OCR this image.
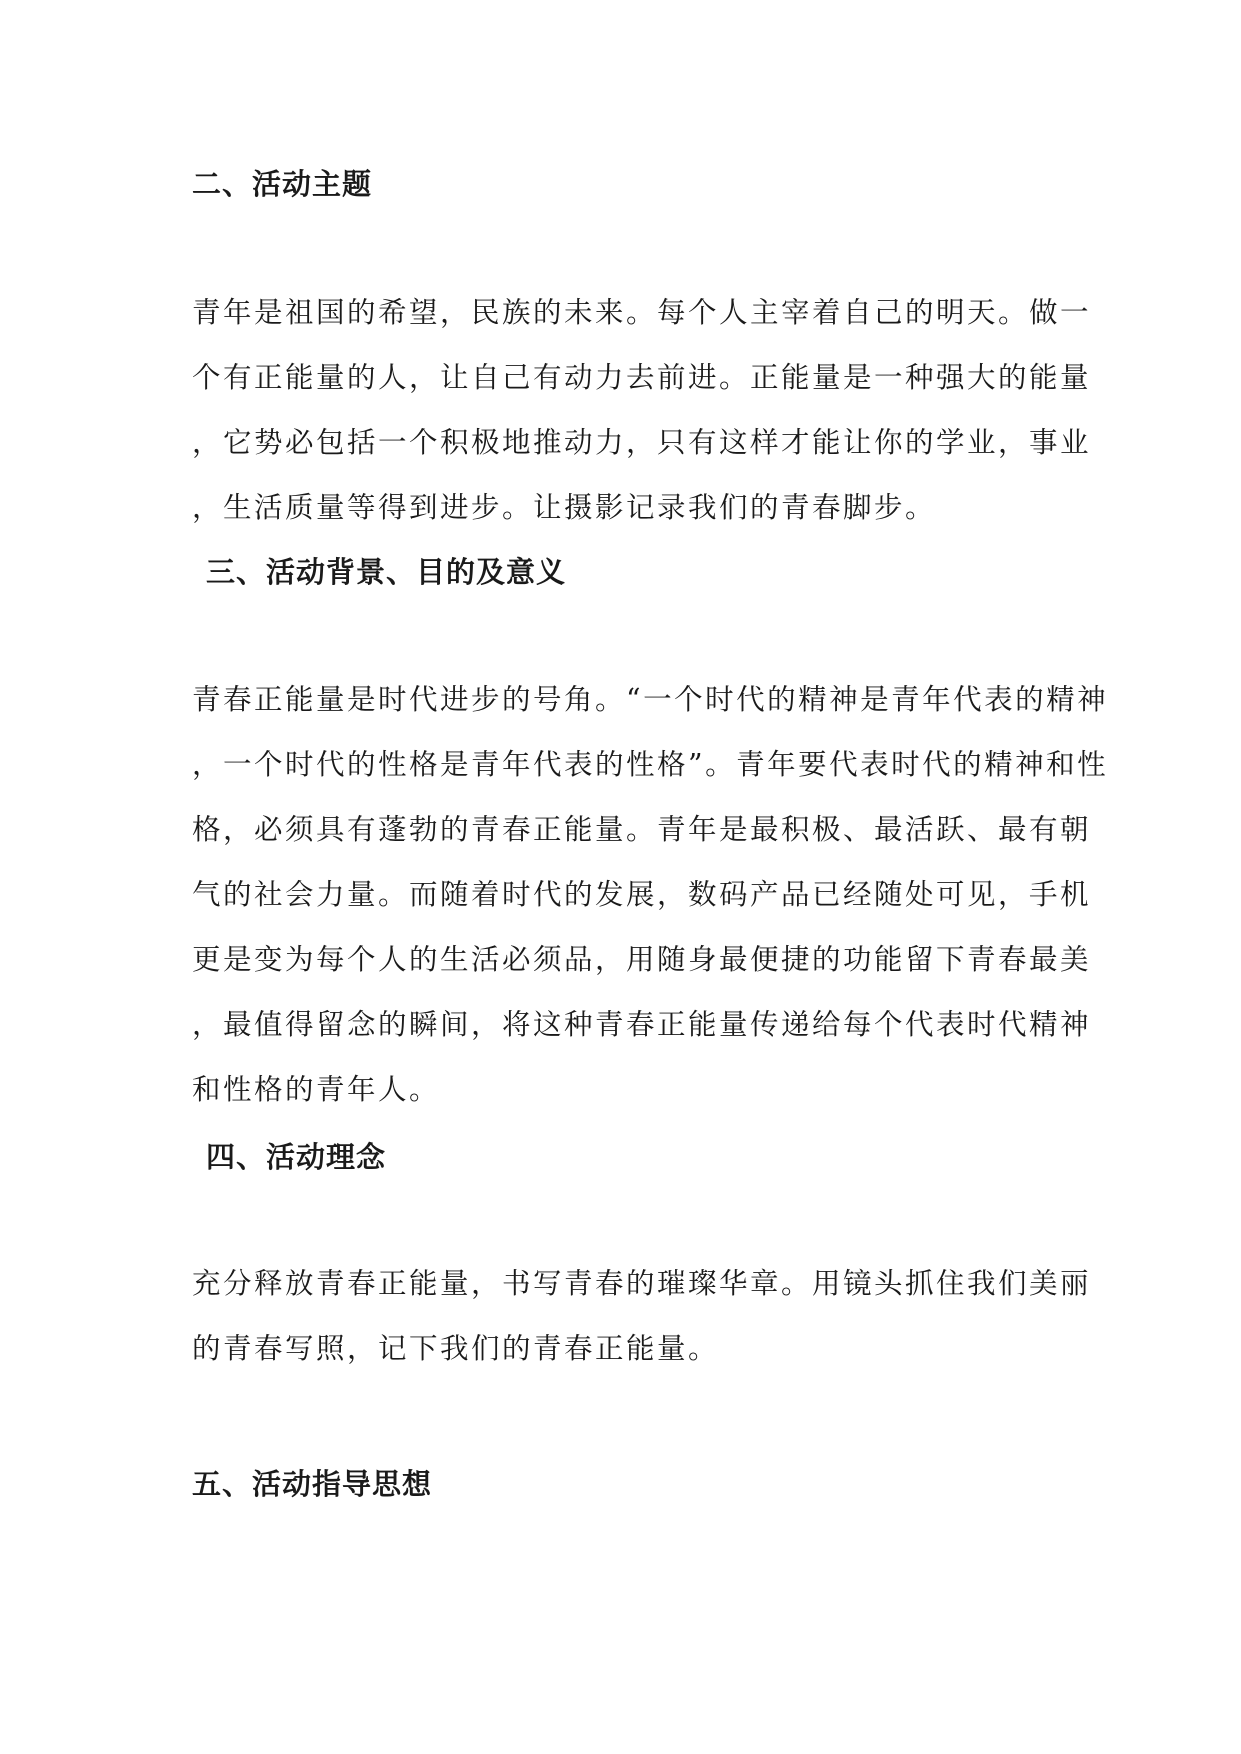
二、活动主题
青年是祖国的希望，民族的未来。每个人主宰着自己的明天。做一
个有正能量的人，让自己有动力去前进。正能量是一种强大的能量
，它势必包括一个积极地推动力，只有这样才能让你的学业，事业
，生活质量等得到进步。让摄影记录我们的青春脚步。
三、活动背景、目的及意义
青春正能量是时代进步的号角。“一个时代的精神是青年代表的精神
，一个时代的性格是青年代表的性格”。青年要代表时代的精神和性
格，必须具有蓬勃的青春正能量。青年是最积极、最活跃、最有朝
气的社会力量。而随着时代的发展，数码产品已经随处可见，手机
更是变为每个人的生活必须品，用随身最便捷的功能留下青春最美
，最值得留念的瞬间，将这种青春正能量传递给每个代表时代精神
和性格的青年人。
四、活动理念
充分释放青春正能量，书写青春的璀璨华章。用镜头抓住我们美丽
的青春写照，记下我们的青春正能量。
五、活动指导思想
